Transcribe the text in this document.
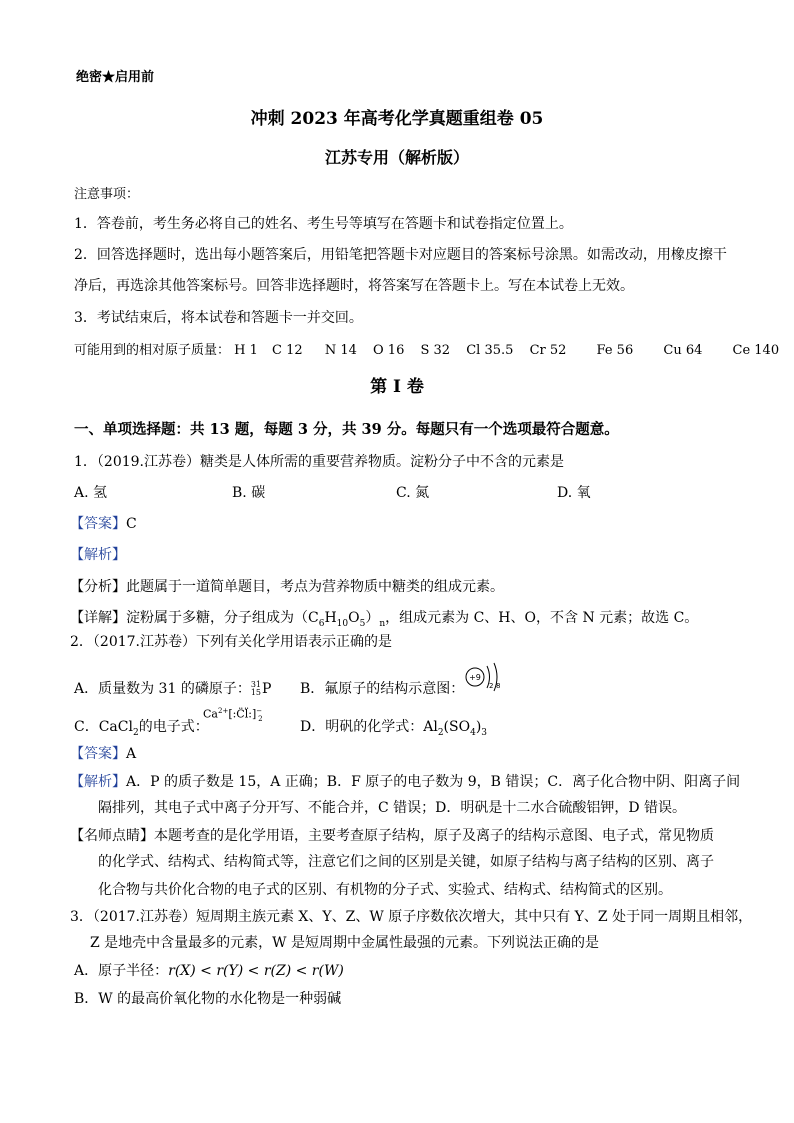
绝密★启用前
冲刺 2023 年高考化学真题重组卷 05
江苏专用（解析版）
注意事项：
1．答卷前，考生务必将自己的姓名、考生号等填写在答题卡和试卷指定位置上。
2．回答选择题时，选出每小题答案后，用铅笔把答题卡对应题目的答案标号涂黑。如需改动，用橡皮擦干
净后，再选涂其他答案标号。回答非选择题时，将答案写在答题卡上。写在本试卷上无效。
3．考试结束后，将本试卷和答题卡一并交回。
可能用到的相对原子质量： H 1 C 12 N 14 O 16 S 32 Cl 35.5 Cr 52 Fe 56 Cu 64 Ce 140
第 I 卷
一、单项选择题：共 13 题，每题 3 分，共 39 分。每题只有一个选项最符合题意。
1．（2019.江苏卷）糖类是人体所需的重要营养物质。淀粉分子中不含的元素是
A. 氢	B. 碳	C. 氮	D. 氧
【答案】C
【解析】
【分析】此题属于一道简单题目，考点为营养物质中糖类的组成元素。
【详解】淀粉属于多糖，分子组成为$(C_6H_{10}O_5)_n$，组成元素为 C、H、O，不含 N 元素；故选 C。
2．（2017.江苏卷）下列有关化学用语表示正确的是
A．质量数为 31 的磷原子：31
15P B．氟原子的结构示意图：
+9
2 8
C．CaCl$_2$的电子式：
$Ca^{2+}[:C̈l̈:]^-_2$
D．明矾的化学式：$Al_2(SO_4)_3$
【答案】A
【解析】A．P 的质子数是 15，A 正确；B．F 原子的电子数为 9，B 错误；C．离子化合物中阴、阳离子间
隔排列，其电子式中离子分开写、不能合并，C 错误；D．明矾是十二水合硫酸铝钾，D 错误。
【名师点睛】本题考查的是化学用语，主要考查原子结构，原子及离子的结构示意图、电子式，常见物质
的化学式、结构式、结构简式等，注意它们之间的区别是关键，如原子结构与离子结构的区别、离子
化合物与共价化合物的电子式的区别、有机物的分子式、实验式、结构式、结构简式的区别。
3．（2017.江苏卷）短周期主族元素 X、Y、Z、W 原子序数依次增大，其中只有 Y、Z 处于同一周期且相邻，
Z 是地壳中含量最多的元素，W 是短周期中金属性最强的元素。下列说法正确的是
A．原子半径：r(X) < r(Y) < r(Z) < r(W)
B．W 的最高价氧化物的水化物是一种弱碱
